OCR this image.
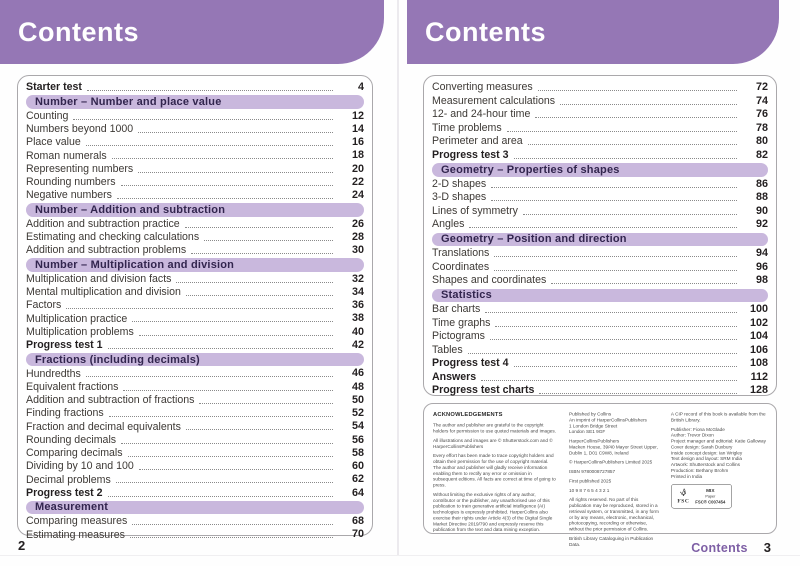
Contents
Starter test	4
Number – Number and place value
Counting	12
Numbers beyond 1000	14
Place value	16
Roman numerals	18
Representing numbers	20
Rounding numbers	22
Negative numbers	24
Number – Addition and subtraction
Addition and subtraction practice	26
Estimating and checking calculations	28
Addition and subtraction problems	30
Number – Multiplication and division
Multiplication and division facts	32
Mental multiplication and division	34
Factors	36
Multiplication practice	38
Multiplication problems	40
Progress test 1	42
Fractions (including decimals)
Hundredths	46
Equivalent fractions	48
Addition and subtraction of fractions	50
Finding fractions	52
Fraction and decimal equivalents	54
Rounding decimals	56
Comparing decimals	58
Dividing by 10 and 100	60
Decimal problems	62
Progress test 2	64
Measurement
Comparing measures	68
Estimating measures	70
2
Contents
Converting measures	72
Measurement calculations	74
12- and 24-hour time	76
Time problems	78
Perimeter and area	80
Progress test 3	82
Geometry – Properties of shapes
2-D shapes	86
3-D shapes	88
Lines of symmetry	90
Angles	92
Geometry – Position and direction
Translations	94
Coordinates	96
Shapes and coordinates	98
Statistics
Bar charts	100
Time graphs	102
Pictograms	104
Tables	106
Progress test 4	108
Answers	112
Progress test charts	128
ACKNOWLEDGEMENTS

The author and publisher are grateful to the copyright holders for permission to use quoted materials and images.

All illustrations and images are © Shutterstock.com and © HarperCollinsPublishers

Every effort has been made to trace copyright holders and obtain their permission for the use of copyright material. The author and publisher will gladly receive information enabling them to rectify any error or omission in subsequent editions. All facts are correct at time of going to press.

Without limiting the exclusive rights of any author, contributor or the publisher, any unauthorised use of this publication to train generative artificial intelligence (AI) technologies is expressly prohibited. HarperCollins also exercise their rights under Article 4(3) of the Digital Single Market Directive 2019/790 and expressly reserve this publication from the text and data mining exception.

Published by Collins
An imprint of HarperCollinsPublishers
1 London Bridge Street
London SE1 9GF

HarperCollinsPublishers
Macken House, 39/40 Mayor Street Upper,
Dublin 1, D01 C9W8, Ireland

© HarperCollinsPublishers Limited 2025

ISBN 9780008727857

First published 2025

10 9 8 7 6 5 4 3 2 1

All rights reserved. No part of this publication may be reproduced, stored in a retrieval system, or transmitted, in any form or by any means, electronic, mechanical, photocopying, recording or otherwise, without the prior permission of Collins.

British Library Cataloguing in Publication Data.

A CIP record of this book is available from the British Library.

Publisher: Fiona McGlade
Author: Trevor Dixon
Project manager and editorial: Katie Galloway
Cover design: Sarah Duxbury
Inside concept design: Ian Wrigley
Text design and layout: SRM India
Artwork: Shutterstock and Collins
Production: Bethany Brohm
Printed in India

FSC
MIX
Paper
FSC® C007454
Contents 3
